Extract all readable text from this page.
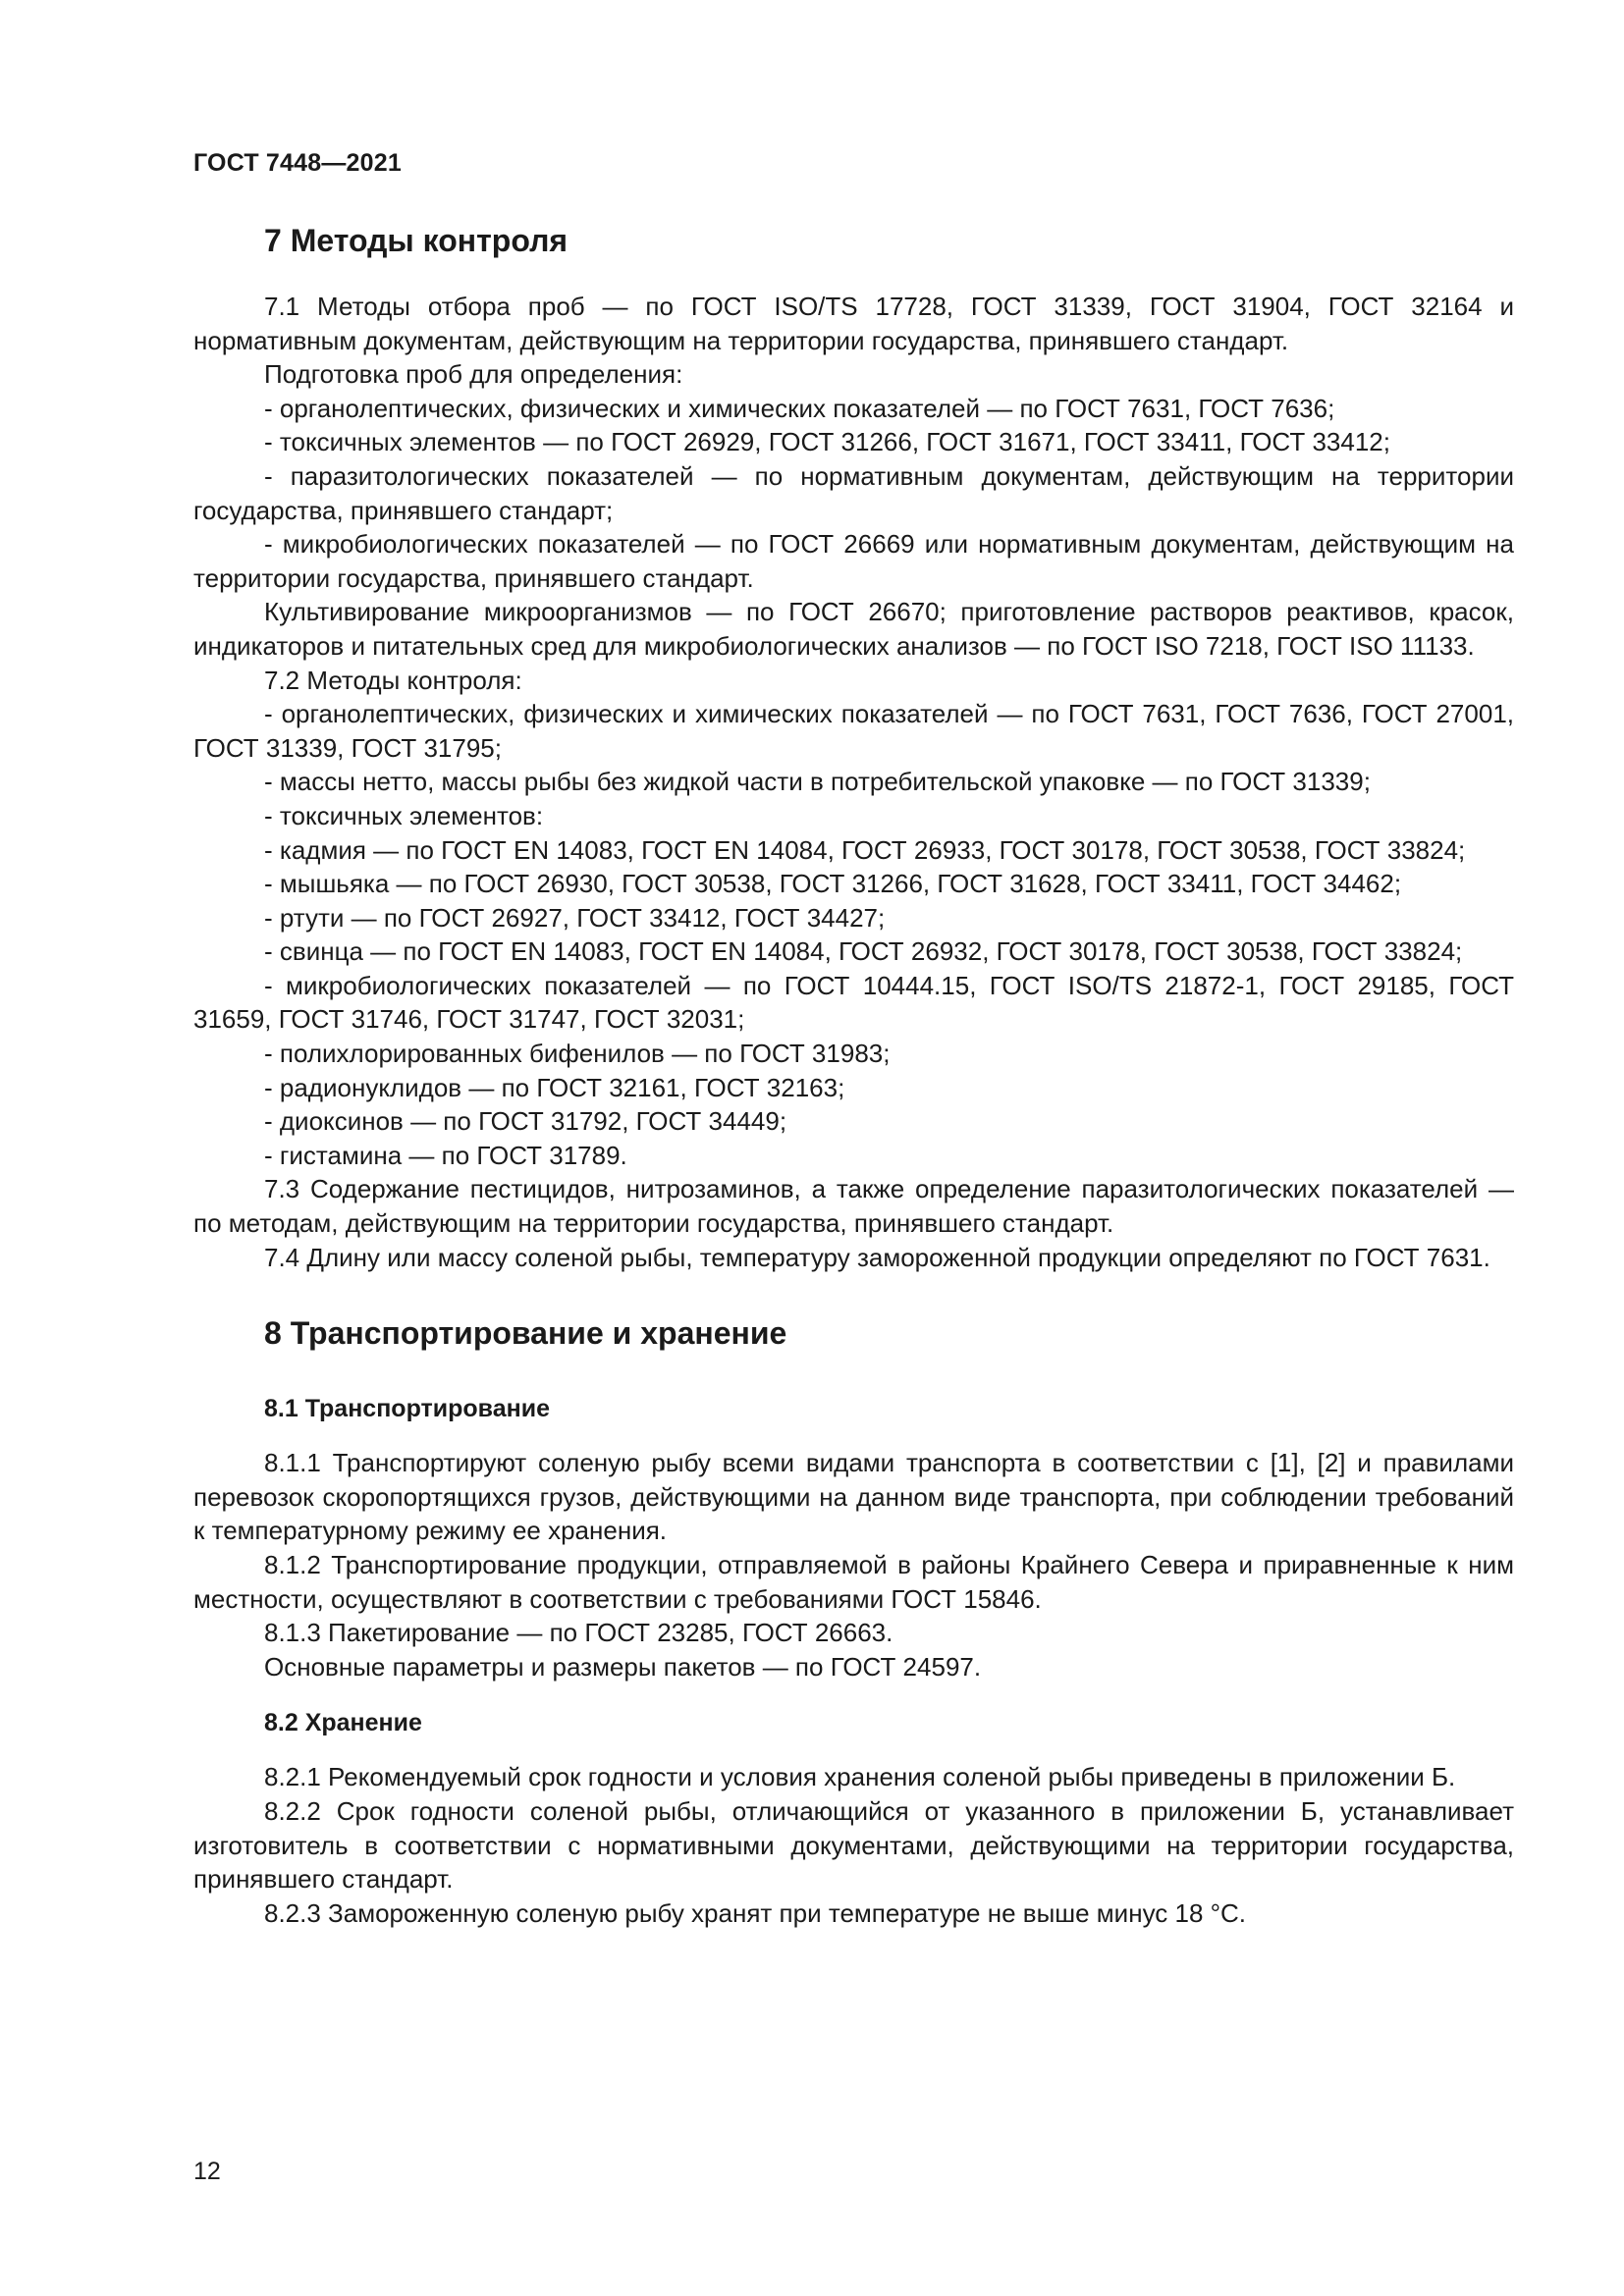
ГОСТ 7448—2021
7 Методы контроля

7.1 Методы отбора проб — по ГОСТ ISO/TS 17728, ГОСТ 31339, ГОСТ 31904, ГОСТ 32164 и нормативным документам, действующим на территории государства, принявшего стандарт.

Подготовка проб для определения:

- органолептических, физических и химических показателей — по ГОСТ 7631, ГОСТ 7636;

- токсичных элементов — по ГОСТ 26929, ГОСТ 31266, ГОСТ 31671, ГОСТ 33411, ГОСТ 33412;

- паразитологических показателей — по нормативным документам, действующим на территории государства, принявшего стандарт;

- микробиологических показателей — по ГОСТ 26669 или нормативным документам, действующим на территории государства, принявшего стандарт.

Культивирование микроорганизмов — по ГОСТ 26670; приготовление растворов реактивов, красок, индикаторов и питательных сред для микробиологических анализов — по ГОСТ ISO 7218, ГОСТ ISO 11133.

7.2 Методы контроля:

- органолептических, физических и химических показателей — по ГОСТ 7631, ГОСТ 7636, ГОСТ 27001, ГОСТ 31339, ГОСТ 31795;

- массы нетто, массы рыбы без жидкой части в потребительской упаковке — по ГОСТ 31339;

- токсичных элементов:

- кадмия — по ГОСТ EN 14083, ГОСТ EN 14084, ГОСТ 26933, ГОСТ 30178, ГОСТ 30538, ГОСТ 33824;

- мышьяка — по ГОСТ 26930, ГОСТ 30538, ГОСТ 31266, ГОСТ 31628, ГОСТ 33411, ГОСТ 34462;

- ртути — по ГОСТ 26927, ГОСТ 33412, ГОСТ 34427;

- свинца — по ГОСТ EN 14083, ГОСТ EN 14084, ГОСТ 26932, ГОСТ 30178, ГОСТ 30538, ГОСТ 33824;

- микробиологических показателей — по ГОСТ 10444.15, ГОСТ ISO/TS 21872-1, ГОСТ 29185, ГОСТ 31659, ГОСТ 31746, ГОСТ 31747, ГОСТ 32031;

- полихлорированных бифенилов — по ГОСТ 31983;

- радионуклидов — по ГОСТ 32161, ГОСТ 32163;

- диоксинов — по ГОСТ 31792, ГОСТ 34449;

- гистамина — по ГОСТ 31789.

7.3 Содержание пестицидов, нитрозаминов, а также определение паразитологических показателей — по методам, действующим на территории государства, принявшего стандарт.

7.4 Длину или массу соленой рыбы, температуру замороженной продукции определяют по ГОСТ 7631.

8 Транспортирование и хранение
8.1 Транспортирование

8.1.1 Транспортируют соленую рыбу всеми видами транспорта в соответствии с [1], [2] и правилами перевозок скоропортящихся грузов, действующими на данном виде транспорта, при соблюдении требований к температурному режиму ее хранения.

8.1.2 Транспортирование продукции, отправляемой в районы Крайнего Севера и приравненные к ним местности, осуществляют в соответствии с требованиями ГОСТ 15846.

8.1.3 Пакетирование — по ГОСТ 23285, ГОСТ 26663.

Основные параметры и размеры пакетов — по ГОСТ 24597.

8.2 Хранение

8.2.1 Рекомендуемый срок годности и условия хранения соленой рыбы приведены в приложении Б.

8.2.2 Срок годности соленой рыбы, отличающийся от указанного в приложении Б, устанавливает изготовитель в соответствии с нормативными документами, действующими на территории государства, принявшего стандарт.

8.2.3 Замороженную соленую рыбу хранят при температуре не выше минус 18 °С.

12
